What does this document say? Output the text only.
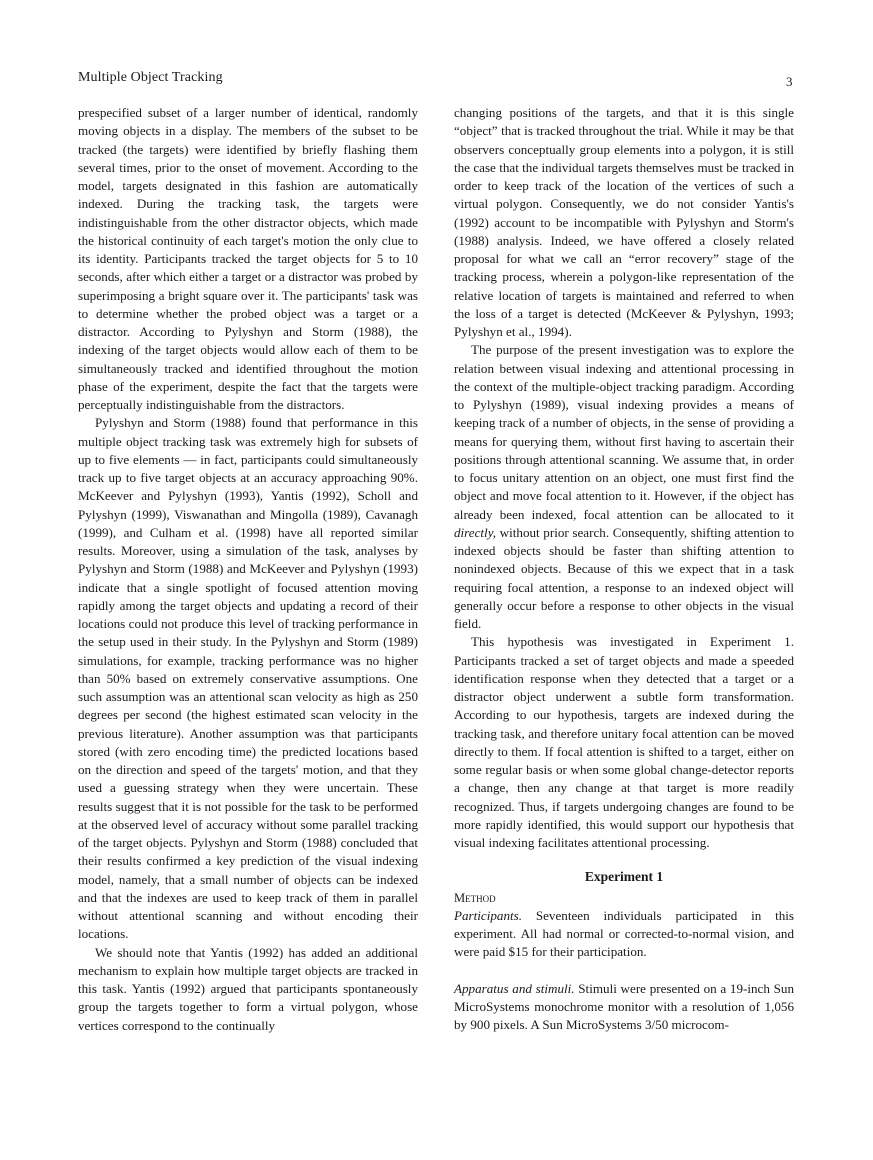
Multiple Object Tracking	3

prespecified subset of a larger number of identical, randomly moving objects in a display. The members of the subset to be tracked (the targets) were identified by briefly flashing them several times, prior to the onset of movement. According to the model, targets designated in this fashion are automatically indexed. During the tracking task, the targets were indistinguishable from the other distractor objects, which made the historical continuity of each target's motion the only clue to its identity. Participants tracked the target objects for 5 to 10 seconds, after which either a target or a distractor was probed by superimposing a bright square over it. The participants' task was to determine whether the probed object was a target or a distractor. According to Pylyshyn and Storm (1988), the indexing of the target objects would allow each of them to be simultaneously tracked and identified throughout the motion phase of the experiment, despite the fact that the targets were perceptually indistinguishable from the distractors.

Pylyshyn and Storm (1988) found that performance in this multiple object tracking task was extremely high for subsets of up to five elements — in fact, participants could simultaneously track up to five target objects at an accuracy approaching 90%. McKeever and Pylyshyn (1993), Yantis (1992), Scholl and Pylyshyn (1999), Viswanathan and Mingolla (1989), Cavanagh (1999), and Culham et al. (1998) have all reported similar results. Moreover, using a simulation of the task, analyses by Pylyshyn and Storm (1988) and McKeever and Pylyshyn (1993) indicate that a single spotlight of focused attention moving rapidly among the target objects and updating a record of their locations could not produce this level of tracking performance in the setup used in their study. In the Pylyshyn and Storm (1989) simulations, for example, tracking performance was no higher than 50% based on extremely conservative assumptions. One such assumption was an attentional scan velocity as high as 250 degrees per second (the highest estimated scan velocity in the previous literature). Another assumption was that participants stored (with zero encoding time) the predicted locations based on the direction and speed of the targets' motion, and that they used a guessing strategy when they were uncertain. These results suggest that it is not possible for the task to be performed at the observed level of accuracy without some parallel tracking of the target objects. Pylyshyn and Storm (1988) concluded that their results confirmed a key prediction of the visual indexing model, namely, that a small number of objects can be indexed and that the indexes are used to keep track of them in parallel without attentional scanning and without encoding their locations.

We should note that Yantis (1992) has added an additional mechanism to explain how multiple target objects are tracked in this task. Yantis (1992) argued that participants spontaneously group the targets together to form a virtual polygon, whose vertices correspond to the continually

changing positions of the targets, and that it is this single “object” that is tracked throughout the trial. While it may be that observers conceptually group elements into a polygon, it is still the case that the individual targets themselves must be tracked in order to keep track of the location of the vertices of such a virtual polygon. Consequently, we do not consider Yantis's (1992) account to be incompatible with Pylyshyn and Storm's (1988) analysis. Indeed, we have offered a closely related proposal for what we call an “error recovery” stage of the tracking process, wherein a polygon-like representation of the relative location of targets is maintained and referred to when the loss of a target is detected (McKeever & Pylyshyn, 1993; Pylyshyn et al., 1994).

The purpose of the present investigation was to explore the relation between visual indexing and attentional processing in the context of the multiple-object tracking paradigm. According to Pylyshyn (1989), visual indexing provides a means of keeping track of a number of objects, in the sense of providing a means for querying them, without first having to ascertain their positions through attentional scanning. We assume that, in order to focus unitary attention on an object, one must first find the object and move focal attention to it. However, if the object has already been indexed, focal attention can be allocated to it directly, without prior search. Consequently, shifting attention to indexed objects should be faster than shifting attention to nonindexed objects. Because of this we expect that in a task requiring focal attention, a response to an indexed object will generally occur before a response to other objects in the visual field.

This hypothesis was investigated in Experiment 1. Participants tracked a set of target objects and made a speeded identification response when they detected that a target or a distractor object underwent a subtle form transformation. According to our hypothesis, targets are indexed during the tracking task, and therefore unitary focal attention can be moved directly to them. If focal attention is shifted to a target, either on some regular basis or when some global change-detector reports a change, then any change at that target is more readily recognized. Thus, if targets undergoing changes are found to be more rapidly identified, this would support our hypothesis that visual indexing facilitates attentional processing.

Experiment 1
Method

Participants. Seventeen individuals participated in this experiment. All had normal or corrected-to-normal vision, and were paid $15 for their participation.

Apparatus and stimuli. Stimuli were presented on a 19-inch Sun MicroSystems monochrome monitor with a resolution of 1,056 by 900 pixels. A Sun MicroSystems 3/50 microcom-
